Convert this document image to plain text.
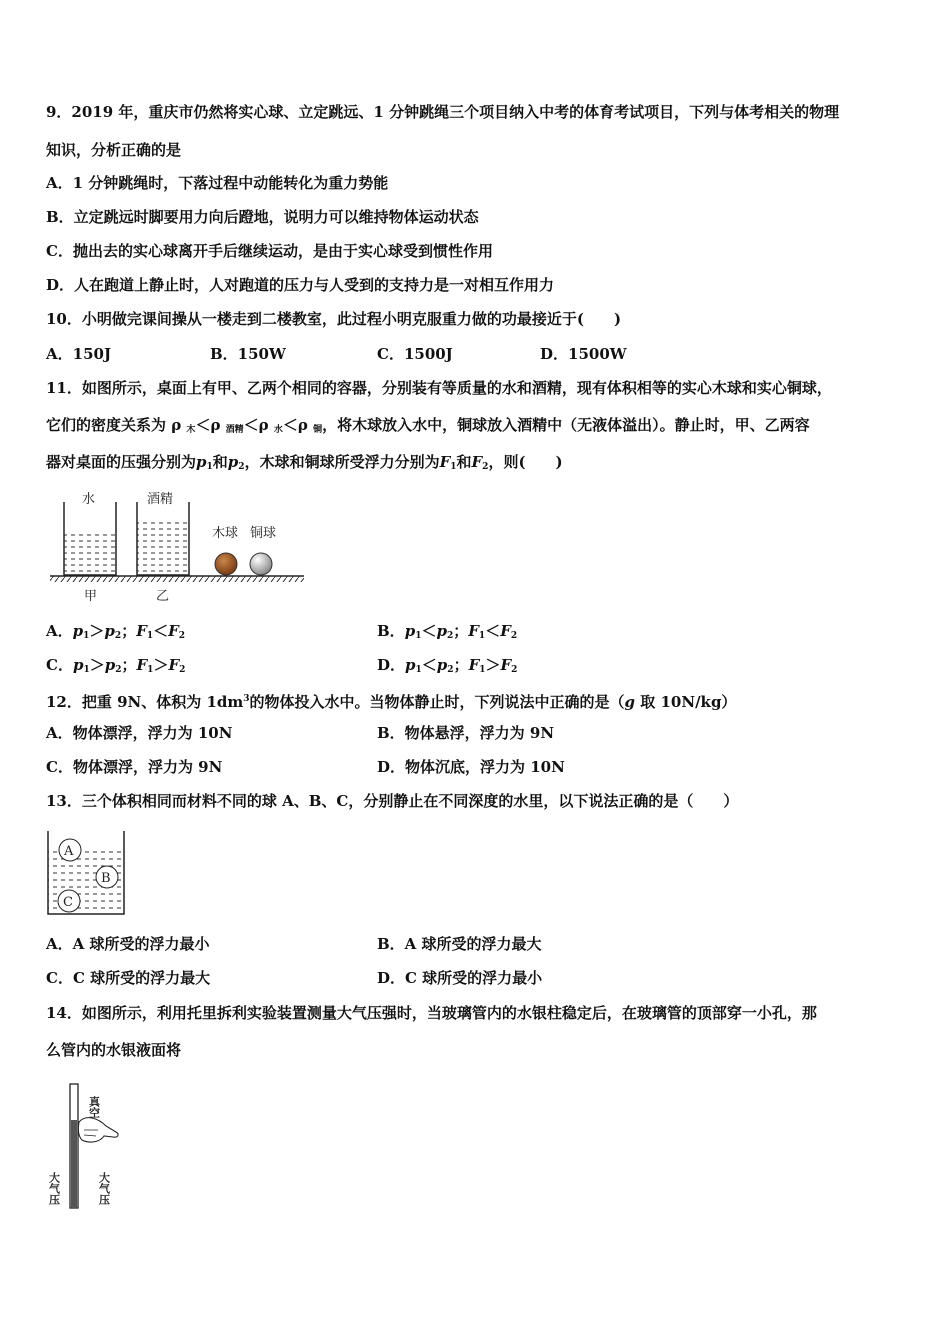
9．2019 年，重庆市仍然将实心球、立定跳远、1 分钟跳绳三个项目纳入中考的体育考试项目，下列与体考相关的物理
知识，分析正确的是
A．1 分钟跳绳时，下落过程中动能转化为重力势能
B．立定跳远时脚要用力向后蹬地，说明力可以维持物体运动状态
C．抛出去的实心球离开手后继续运动，是由于实心球受到惯性作用
D．人在跑道上静止时，人对跑道的压力与人受到的支持力是一对相互作用力
10．小明做完课间操从一楼走到二楼教室，此过程小明克服重力做的功最接近于(　　)
A．150J	B．150W	C．1500J	D．1500W
11．如图所示，桌面上有甲、乙两个相同的容器，分别装有等质量的水和酒精，现有体积相等的实心木球和实心铜球，
它们的密度关系为 ρ $_木$＜ρ $_{酒精}$＜ρ $_水$＜ρ $_铜$，将木球放入水中，铜球放入酒精中（无液体溢出）。静止时，甲、乙两容
器对桌面的压强分别为$p_1$和$p_2$，木球和铜球所受浮力分别为$F_1$和$F_2$，则(　　)
水	酒精
木球 铜球
甲	乙
A．$p_1>p_2$；$F_1<F_2$	B．$p_1<p_2$；$F_1<F_2$
C．$p_1>p_2$；$F_1>F_2$	D．$p_1<p_2$；$F_1>F_2$
12．把重 9N、体积为 $1dm^3$的物体投入水中。当物体静止时，下列说法中正确的是（g 取 10N/kg）
A．物体漂浮，浮力为 10N	B．物体悬浮，浮力为 9N
C．物体漂浮，浮力为 9N	D．物体沉底，浮力为 10N
13．三个体积相同而材料不同的球 A、B、C，分别静止在不同深度的水里，以下说法正确的是（　　）
A
B
C
A．A 球所受的浮力最小	B．A 球所受的浮力最大
C．C 球所受的浮力最大	D．C 球所受的浮力最小
14．如图所示，利用托里拆利实验装置测量大气压强时，当玻璃管内的水银柱稳定后，在玻璃管的顶部穿一小孔，那
么管内的水银液面将
真空
大气压	大气压
